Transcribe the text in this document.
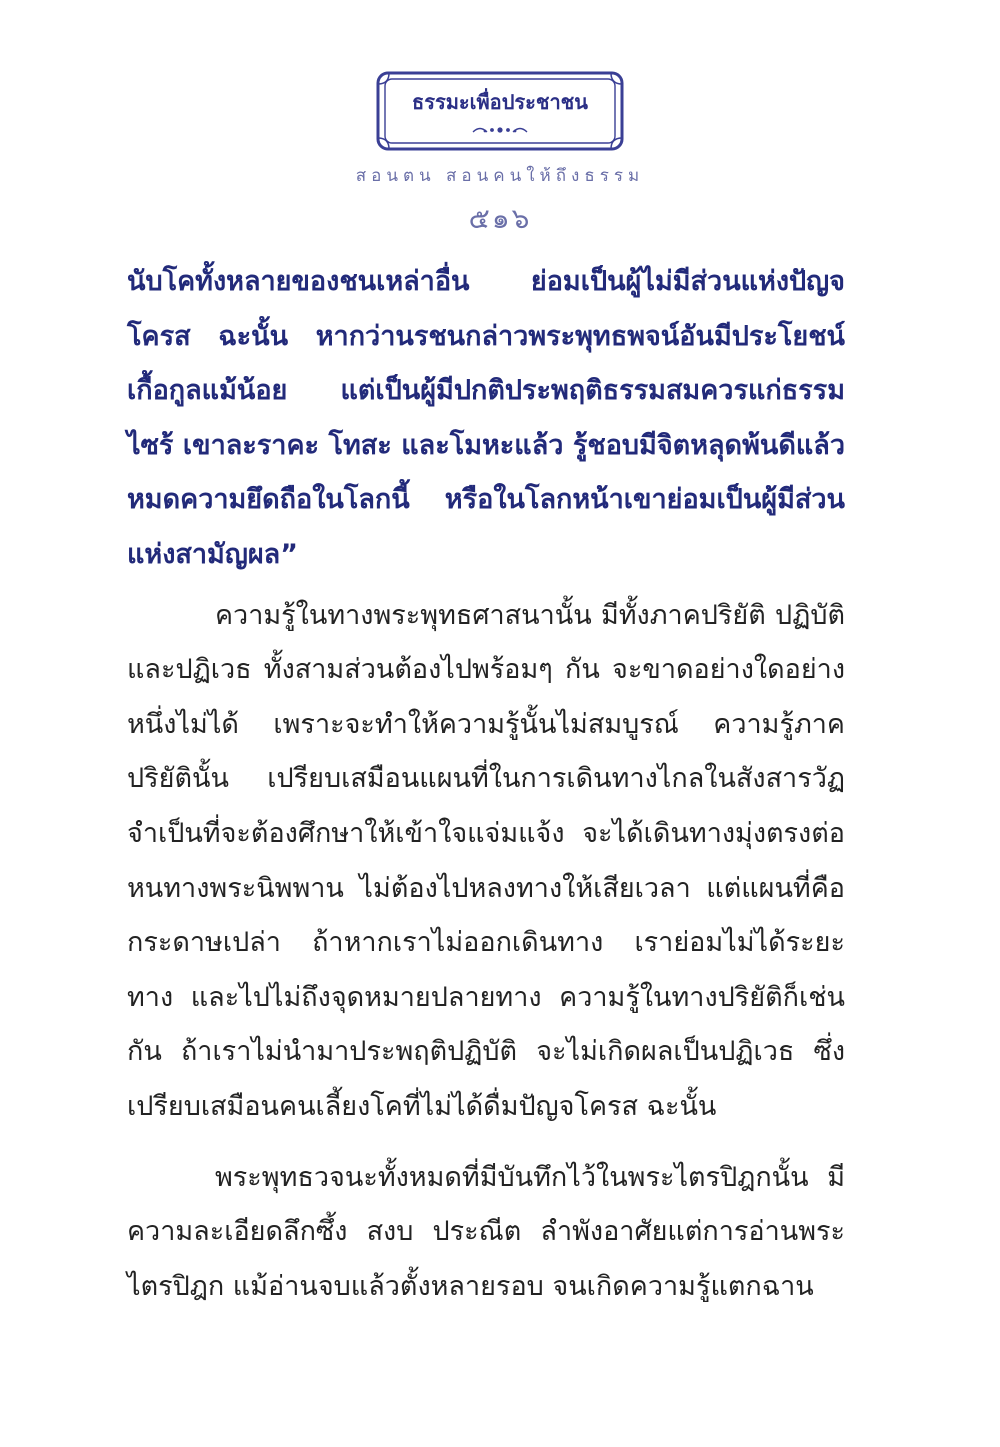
ธรรมะเพื่อประชาชน
สอนตน สอนคนให้ถึงธรรม
๕๑๖

นับโคทั้งหลายของชนเหล่าอื่น ย่อมเป็นผู้ไม่มีส่วนแห่งปัญจโครส ฉะนั้น หากว่านรชนกล่าวพระพุทธพจน์อันมีประโยชน์เกื้อกูลแม้น้อย แต่เป็นผู้มีปกติประพฤติธรรมสมควรแก่ธรรมไซร้ เขาละราคะ โทสะ และโมหะแล้ว รู้ชอบมีจิตหลุดพ้นดีแล้ว หมดความยึดถือในโลกนี้ หรือในโลกหน้าเขาย่อมเป็นผู้มีส่วนแห่งสามัญผล”

ความรู้ในทางพระพุทธศาสนานั้น มีทั้งภาคปริยัติ ปฏิบัติ และปฏิเวธ ทั้งสามส่วนต้องไปพร้อมๆ กัน จะขาดอย่างใดอย่างหนึ่งไม่ได้ เพราะจะทำให้ความรู้นั้นไม่สมบูรณ์ ความรู้ภาคปริยัตินั้น เปรียบเสมือนแผนที่ในการเดินทางไกลในสังสารวัฏ จำเป็นที่จะต้องศึกษาให้เข้าใจแจ่มแจ้ง จะได้เดินทางมุ่งตรงต่อหนทางพระนิพพาน ไม่ต้องไปหลงทางให้เสียเวลา แต่แผนที่คือกระดาษเปล่า ถ้าหากเราไม่ออกเดินทาง เราย่อมไม่ได้ระยะทาง และไปไม่ถึงจุดหมายปลายทาง ความรู้ในทางปริยัติก็เช่นกัน ถ้าเราไม่นำมาประพฤติปฏิบัติ จะไม่เกิดผลเป็นปฏิเวธ ซึ่งเปรียบเสมือนคนเลี้ยงโคที่ไม่ได้ดื่มปัญจโครส ฉะนั้น

พระพุทธวจนะทั้งหมดที่มีบันทึกไว้ในพระไตรปิฎกนั้น มีความละเอียดลึกซึ้ง สงบ ประณีต ลำพังอาศัยแต่การอ่านพระไตรปิฎก แม้อ่านจบแล้วตั้งหลายรอบ จนเกิดความรู้แตกฉาน
